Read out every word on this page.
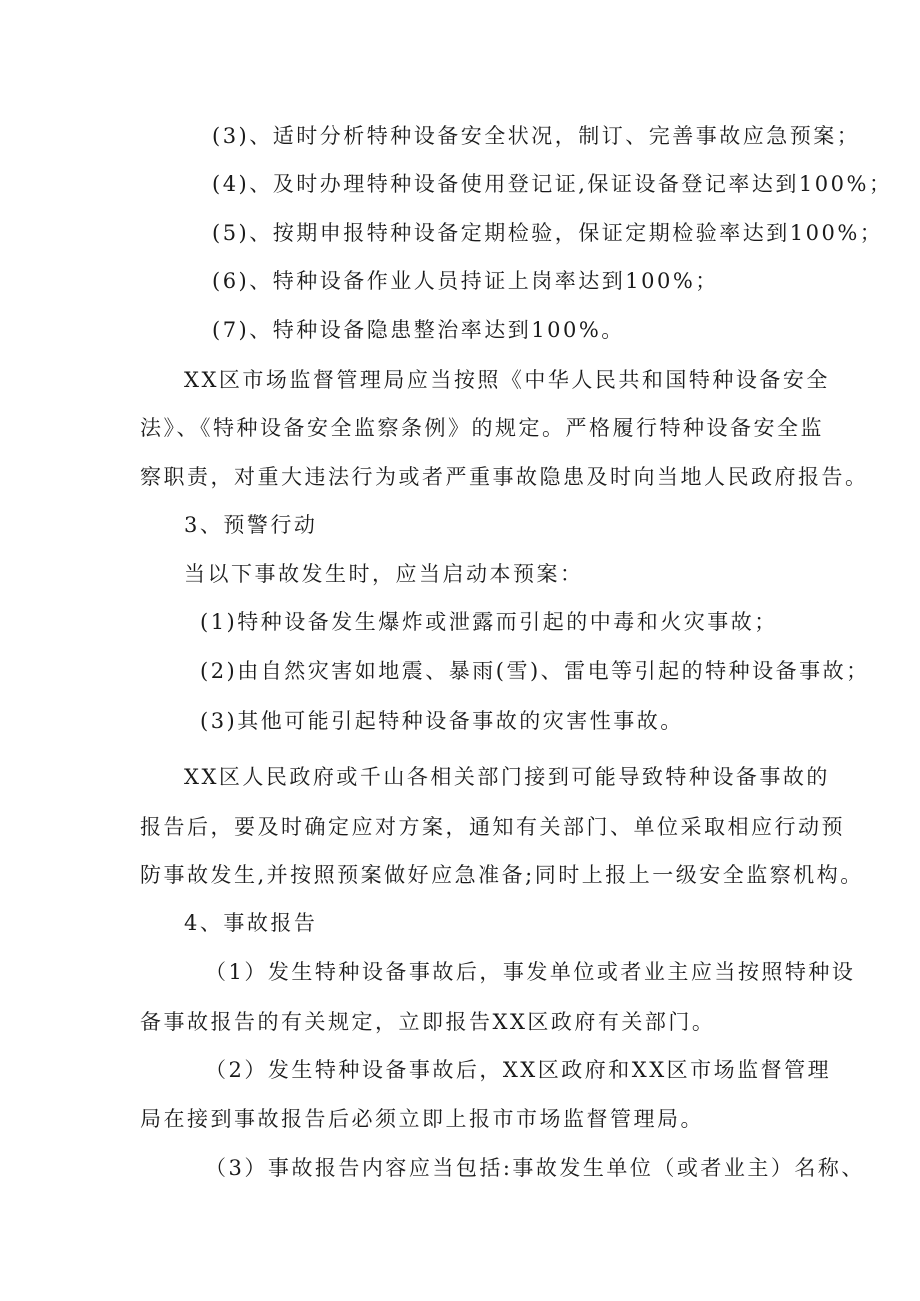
(3)、适时分析特种设备安全状况，制订、完善事故应急预案；
(4)、及时办理特种设备使用登记证,保证设备登记率达到100%；
(5)、按期申报特种设备定期检验，保证定期检验率达到100%；
(6)、特种设备作业人员持证上岗率达到100%；
(7)、特种设备隐患整治率达到100%。
XX区市场监督管理局应当按照《中华人民共和国特种设备安全
法》、《特种设备安全监察条例》的规定。严格履行特种设备安全监
察职责，对重大违法行为或者严重事故隐患及时向当地人民政府报告。
3、预警行动
当以下事故发生时，应当启动本预案：
(1)特种设备发生爆炸或泄露而引起的中毒和火灾事故；
(2)由自然灾害如地震、暴雨(雪)、雷电等引起的特种设备事故；
(3)其他可能引起特种设备事故的灾害性事故。
XX区人民政府或千山各相关部门接到可能导致特种设备事故的
报告后，要及时确定应对方案，通知有关部门、单位采取相应行动预
防事故发生,并按照预案做好应急准备;同时上报上一级安全监察机构。
4、事故报告
（1）发生特种设备事故后，事发单位或者业主应当按照特种设
备事故报告的有关规定，立即报告XX区政府有关部门。
（2）发生特种设备事故后，XX区政府和XX区市场监督管理
局在接到事故报告后必须立即上报市市场监督管理局。
（3）事故报告内容应当包括:事故发生单位（或者业主）名称、
